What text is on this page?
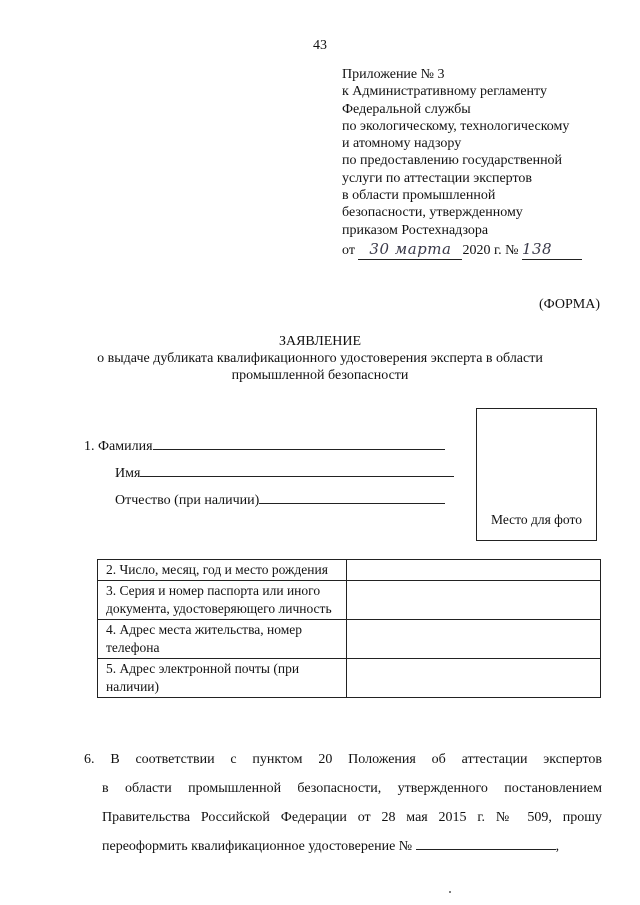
43
Приложение № 3
к Административному регламенту
Федеральной службы
по экологическому, технологическому
и атомному надзору
по предоставлению государственной
услуги по аттестации экспертов
в области промышленной
безопасности, утвержденному
приказом Ростехнадзора
от 30 марта 2020 г. № 138
(ФОРМА)
ЗАЯВЛЕНИЕ
о выдаче дубликата квалификационного удостоверения эксперта в области промышленной безопасности
1. Фамилия
Имя
Отчество (при наличии)
Место для фото
2. Число, месяц, год и место рождения	
3. Серия и номер паспорта или иного документа, удостоверяющего личность	
4. Адрес места жительства, номер телефона	
5. Адрес электронной почты (при наличии)	
6. В соответствии с пунктом 20 Положения об аттестации экспертов
в области промышленной безопасности, утвержденного постановлением
Правительства Российской Федерации от 28 мая 2015 г. № 509, прошу
переоформить квалификационное удостоверение №	,
